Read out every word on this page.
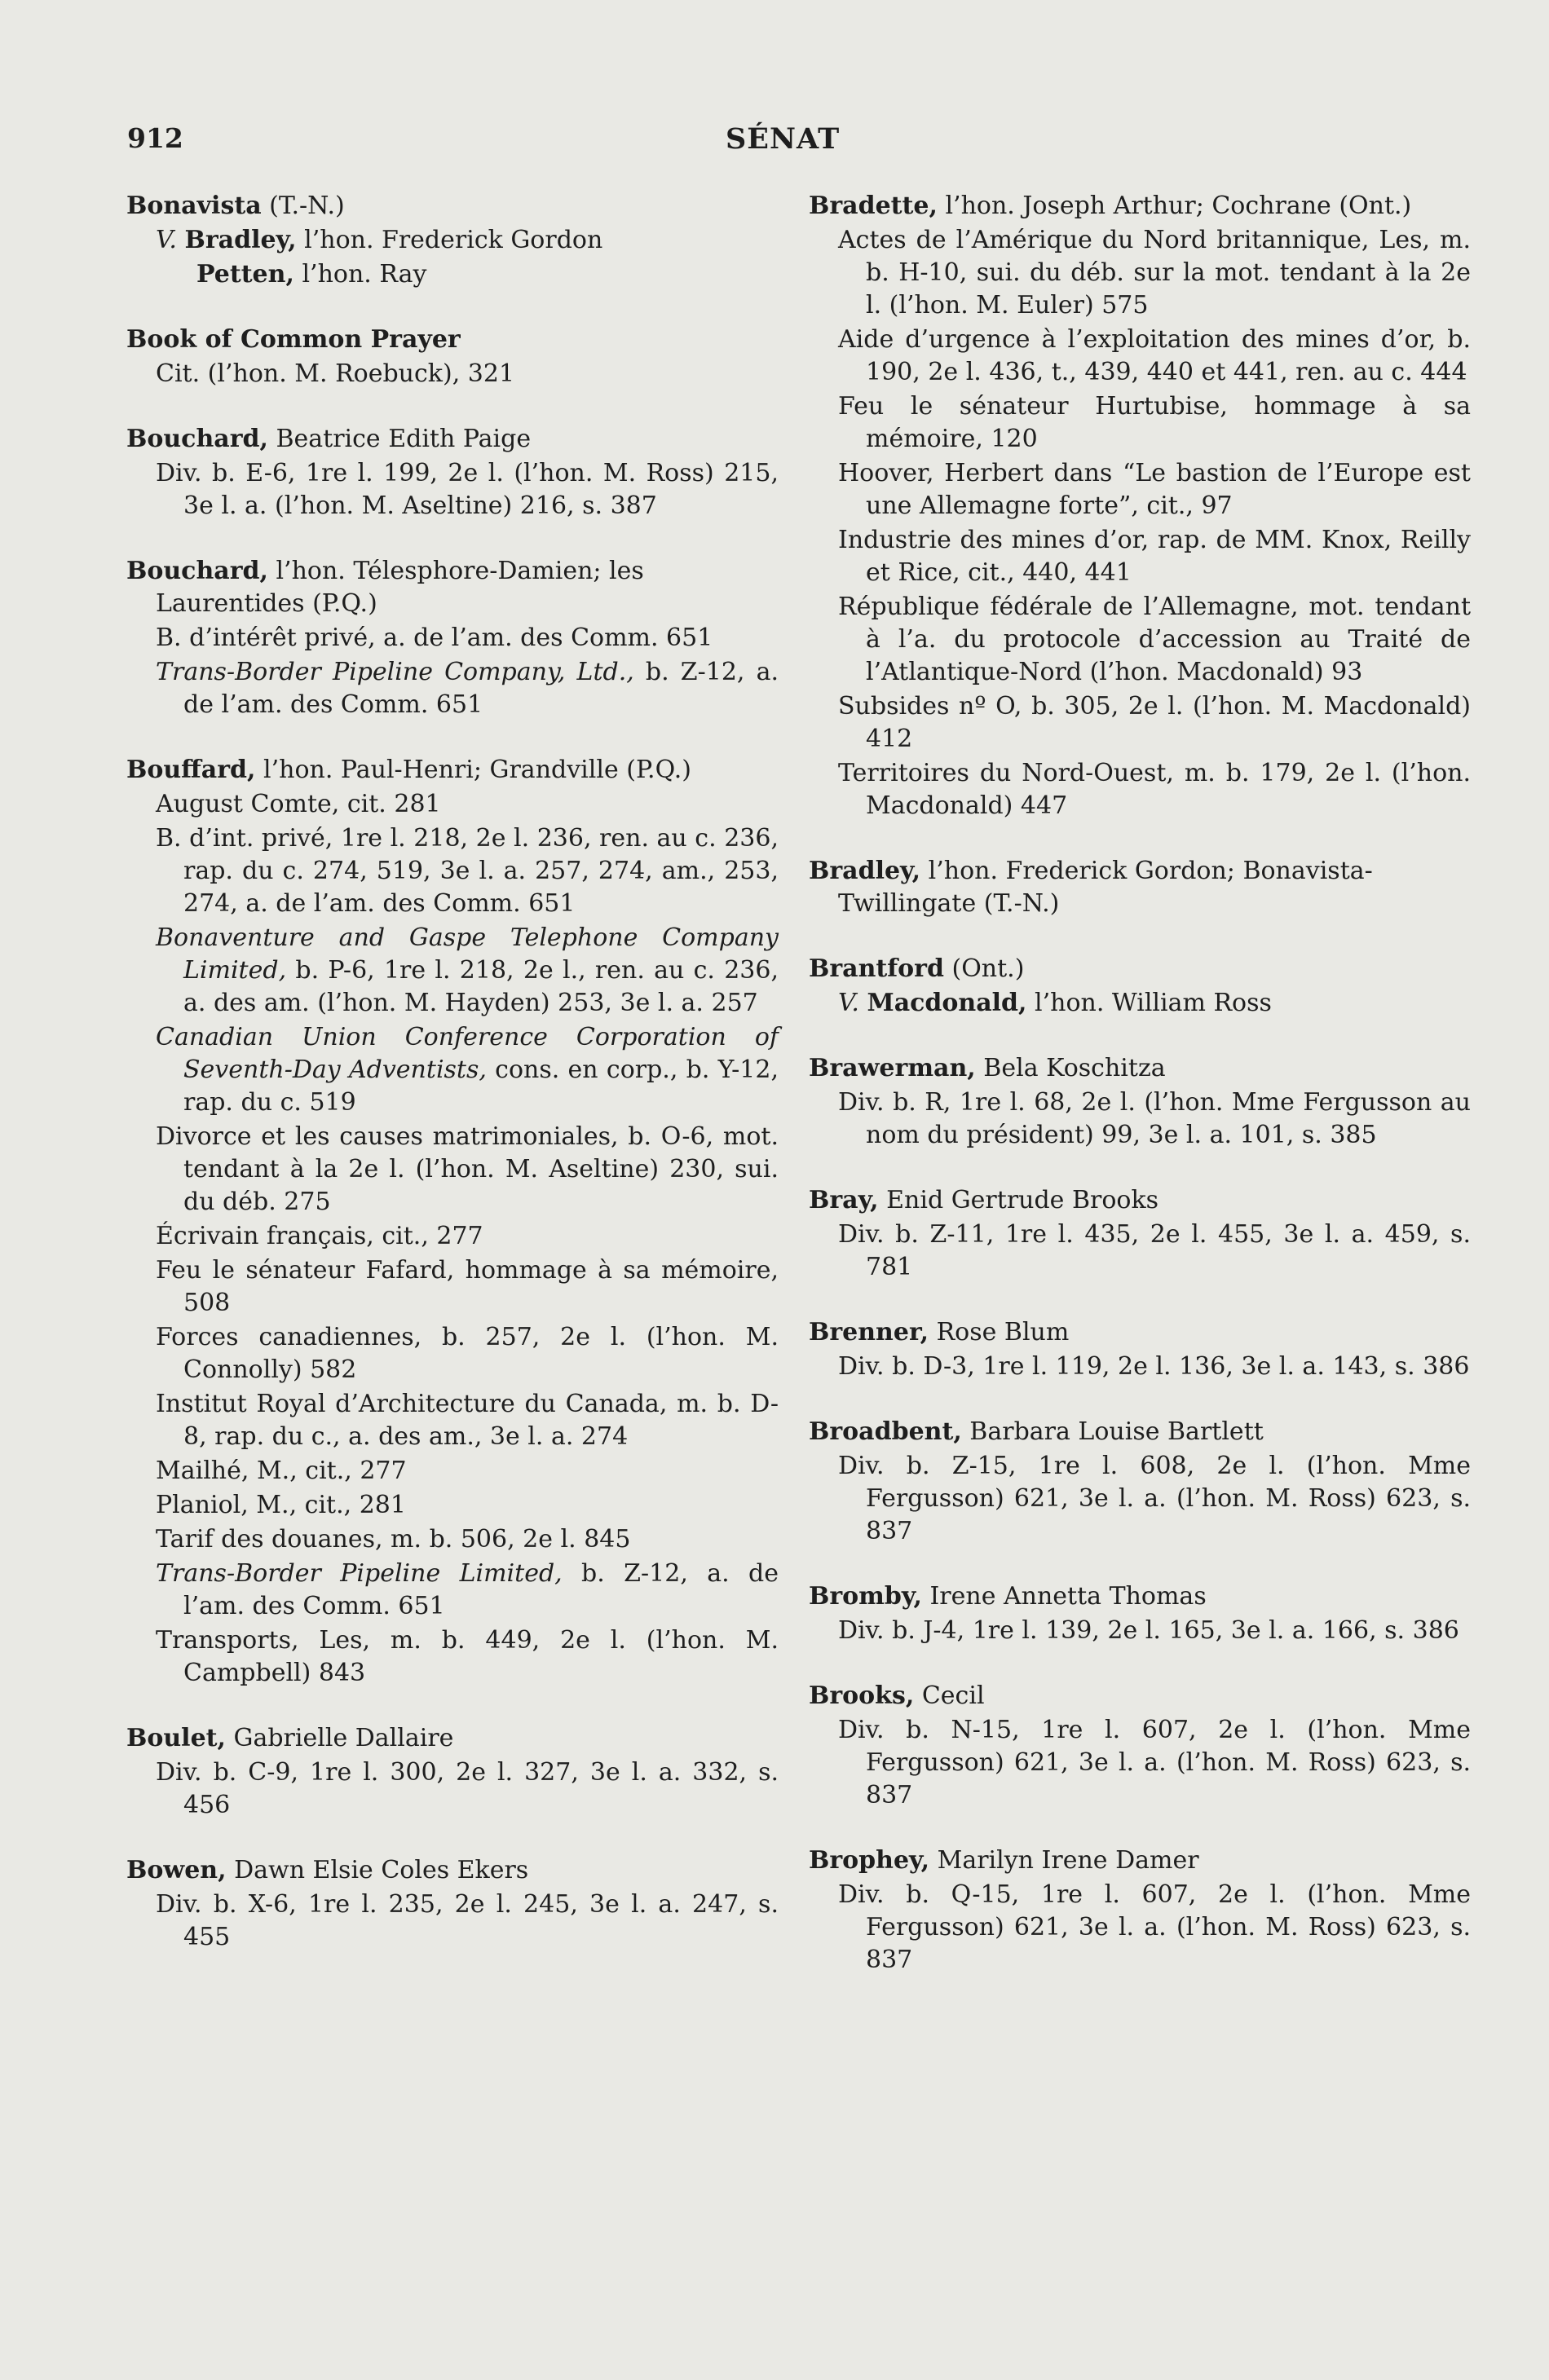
912	SÉNAT
Bonavista (T.-N.)
V. Bradley, l’hon. Frederick Gordon
Petten, l’hon. Ray
Book of Common Prayer
Cit. (l’hon. M. Roebuck), 321
Bouchard, Beatrice Edith Paige
Div. b. E-6, 1re l. 199, 2e l. (l’hon. M. Ross) 215, 3e l. a. (l’hon. M. Aseltine) 216, s. 387
Bouchard, l’hon. Télesphore-Damien; les Laurentides (P.Q.)
B. d’intérêt privé, a. de l’am. des Comm. 651
Trans-Border Pipeline Company, Ltd., b. Z-12, a. de l’am. des Comm. 651
Bouffard, l’hon. Paul-Henri; Grandville (P.Q.)
August Comte, cit. 281
B. d’int. privé, 1re l. 218, 2e l. 236, ren. au c. 236, rap. du c. 274, 519, 3e l. a. 257, 274, am., 253, 274, a. de l’am. des Comm. 651
Bonaventure and Gaspe Telephone Company Limited, b. P-6, 1re l. 218, 2e l., ren. au c. 236, a. des am. (l’hon. M. Hayden) 253, 3e l. a. 257
Canadian Union Conference Corporation of Seventh-Day Adventists, cons. en corp., b. Y-12, rap. du c. 519
Divorce et les causes matrimoniales, b. O-6, mot. tendant à la 2e l. (l’hon. M. Aseltine) 230, sui. du déb. 275
Écrivain français, cit., 277
Feu le sénateur Fafard, hommage à sa mémoire, 508
Forces canadiennes, b. 257, 2e l. (l’hon. M. Connolly) 582
Institut Royal d’Architecture du Canada, m. b. D-8, rap. du c., a. des am., 3e l. a. 274
Mailhé, M., cit., 277
Planiol, M., cit., 281
Tarif des douanes, m. b. 506, 2e l. 845
Trans-Border Pipeline Limited, b. Z-12, a. de l’am. des Comm. 651
Transports, Les, m. b. 449, 2e l. (l’hon. M. Campbell) 843
Boulet, Gabrielle Dallaire
Div. b. C-9, 1re l. 300, 2e l. 327, 3e l. a. 332, s. 456
Bowen, Dawn Elsie Coles Ekers
Div. b. X-6, 1re l. 235, 2e l. 245, 3e l. a. 247, s. 455
Bradette, l’hon. Joseph Arthur; Cochrane (Ont.)
Actes de l’Amérique du Nord britannique, Les, m. b. H-10, sui. du déb. sur la mot. tendant à la 2e l. (l’hon. M. Euler) 575
Aide d’urgence à l’exploitation des mines d’or, b. 190, 2e l. 436, t., 439, 440 et 441, ren. au c. 444
Feu le sénateur Hurtubise, hommage à sa mémoire, 120
Hoover, Herbert dans “Le bastion de l’Europe est une Allemagne forte”, cit., 97
Industrie des mines d’or, rap. de MM. Knox, Reilly et Rice, cit., 440, 441
République fédérale de l’Allemagne, mot. tendant à l’a. du protocole d’accession au Traité de l’Atlantique-Nord (l’hon. Macdonald) 93
Subsides nº O, b. 305, 2e l. (l’hon. M. Macdonald) 412
Territoires du Nord-Ouest, m. b. 179, 2e l. (l’hon. Macdonald) 447
Bradley, l’hon. Frederick Gordon; Bonavista-Twillingate (T.-N.)
Brantford (Ont.)
V. Macdonald, l’hon. William Ross
Brawerman, Bela Koschitza
Div. b. R, 1re l. 68, 2e l. (l’hon. Mme Fergusson au nom du président) 99, 3e l. a. 101, s. 385
Bray, Enid Gertrude Brooks
Div. b. Z-11, 1re l. 435, 2e l. 455, 3e l. a. 459, s. 781
Brenner, Rose Blum
Div. b. D-3, 1re l. 119, 2e l. 136, 3e l. a. 143, s. 386
Broadbent, Barbara Louise Bartlett
Div. b. Z-15, 1re l. 608, 2e l. (l’hon. Mme Fergusson) 621, 3e l. a. (l’hon. M. Ross) 623, s. 837
Bromby, Irene Annetta Thomas
Div. b. J-4, 1re l. 139, 2e l. 165, 3e l. a. 166, s. 386
Brooks, Cecil
Div. b. N-15, 1re l. 607, 2e l. (l’hon. Mme Fergusson) 621, 3e l. a. (l’hon. M. Ross) 623, s. 837
Brophey, Marilyn Irene Damer
Div. b. Q-15, 1re l. 607, 2e l. (l’hon. Mme Fergusson) 621, 3e l. a. (l’hon. M. Ross) 623, s. 837
